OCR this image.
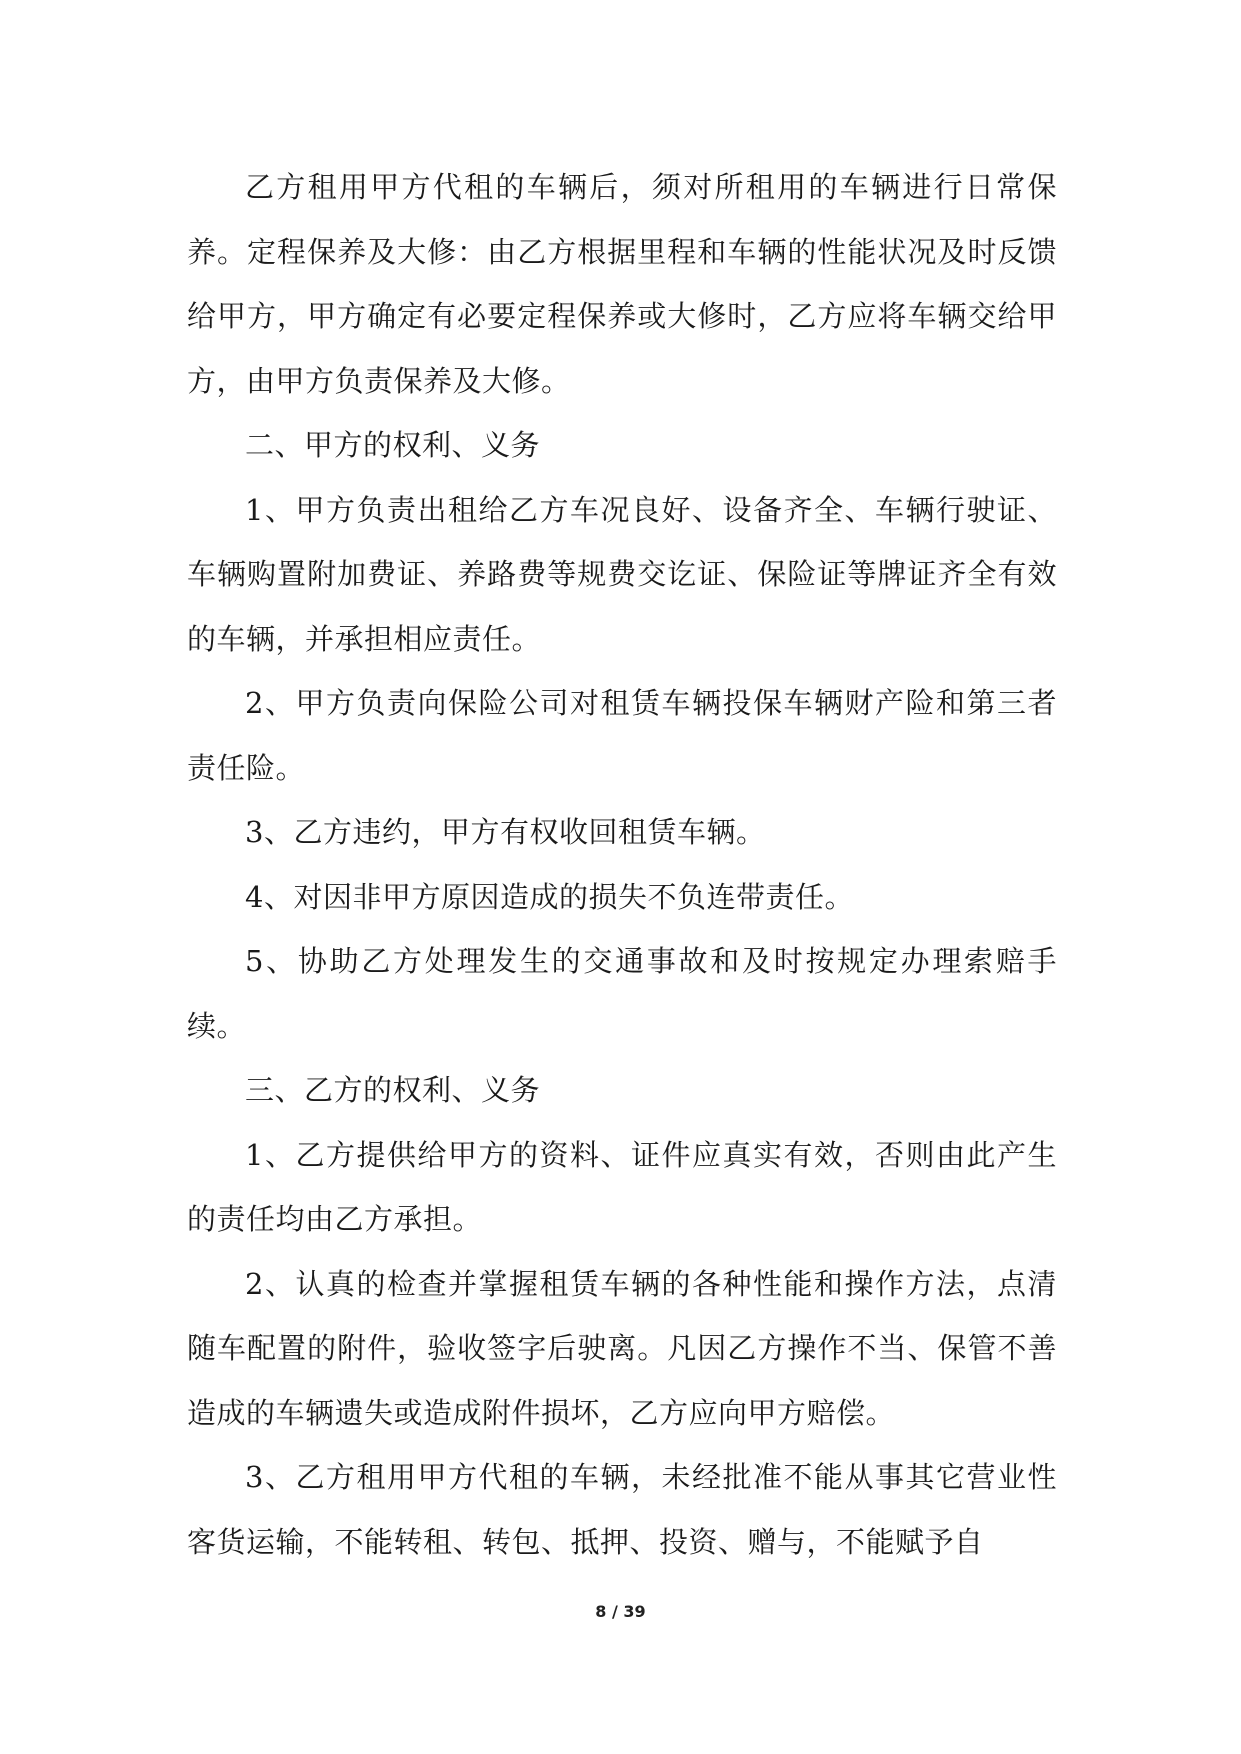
乙方租用甲方代租的车辆后，须对所租用的车辆进行日常保养。定程保养及大修：由乙方根据里程和车辆的性能状况及时反馈给甲方，甲方确定有必要定程保养或大修时，乙方应将车辆交给甲方，由甲方负责保养及大修。

二、甲方的权利、义务

1、甲方负责出租给乙方车况良好、设备齐全、车辆行驶证、车辆购置附加费证、养路费等规费交讫证、保险证等牌证齐全有效的车辆，并承担相应责任。

2、甲方负责向保险公司对租赁车辆投保车辆财产险和第三者责任险。

3、乙方违约，甲方有权收回租赁车辆。

4、对因非甲方原因造成的损失不负连带责任。

5、协助乙方处理发生的交通事故和及时按规定办理索赔手续。

三、乙方的权利、义务

1、乙方提供给甲方的资料、证件应真实有效，否则由此产生的责任均由乙方承担。

2、认真的检查并掌握租赁车辆的各种性能和操作方法，点清随车配置的附件，验收签字后驶离。凡因乙方操作不当、保管不善造成的车辆遗失或造成附件损坏，乙方应向甲方赔偿。

3、乙方租用甲方代租的车辆，未经批准不能从事其它营业性客货运输，不能转租、转包、抵押、投资、赠与，不能赋予自

8 / 39
